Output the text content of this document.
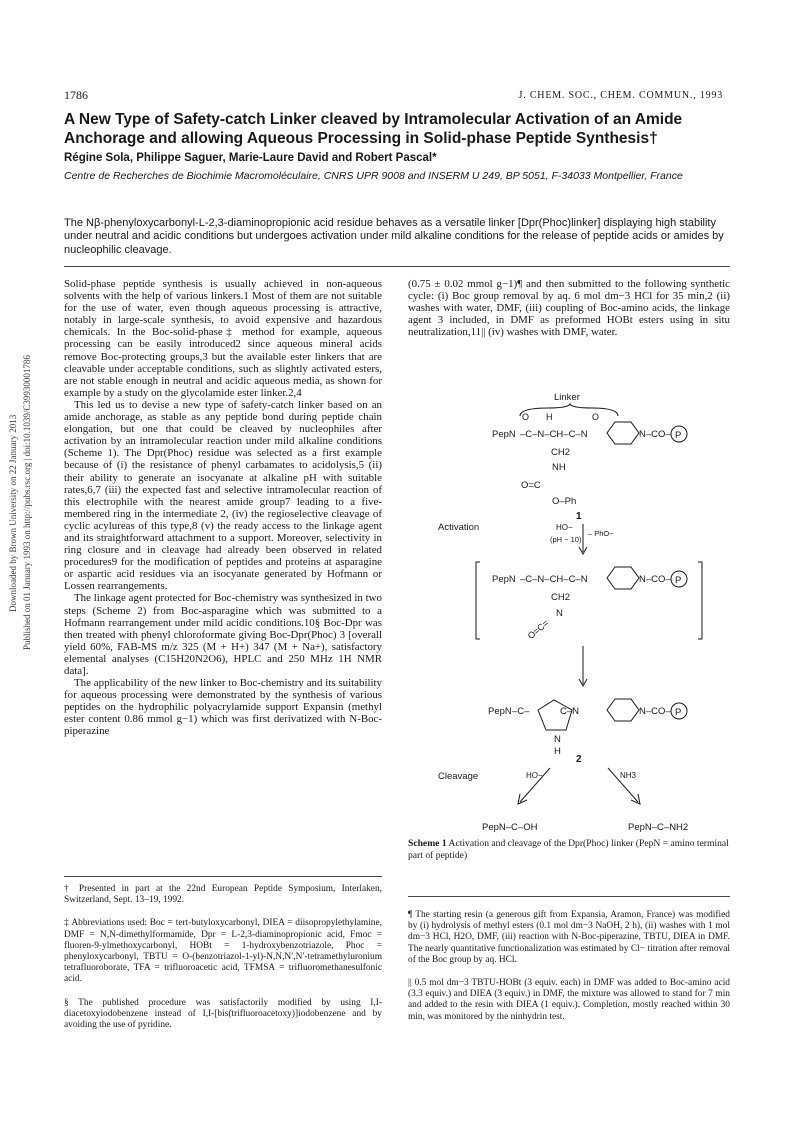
1786	J. CHEM. SOC., CHEM. COMMUN., 1993
A New Type of Safety-catch Linker cleaved by Intramolecular Activation of an Amide Anchorage and allowing Aqueous Processing in Solid-phase Peptide Synthesis†
Régine Sola, Philippe Saguer, Marie-Laure David and Robert Pascal*
Centre de Recherches de Biochimie Macromoléculaire, CNRS UPR 9008 and INSERM U 249, BP 5051, F-34033 Montpellier, France
The Nβ-phenyloxycarbonyl-L-2,3-diaminopropionic acid residue behaves as a versatile linker [Dpr(Phoc)linker] displaying high stability under neutral and acidic conditions but undergoes activation under mild alkaline conditions for the release of peptide acids or amides by nucleophilic cleavage.
Downloaded by Brown University on 22 January 2013 Published on 01 January 1993 on http://pubs.rsc.org | doi:10.1039/C39930001786

Solid-phase peptide synthesis is usually achieved in non-aqueous solvents with the help of various linkers.1 Most of them are not suitable for the use of water, even though aqueous processing is attractive, notably in large-scale synthesis, to avoid expensive and hazardous chemicals. In the Boc-solid-phase‡ method for example, aqueous processing can be easily introduced2 since aqueous mineral acids remove Boc-protecting groups,3 but the available ester linkers that are cleavable under acceptable conditions, such as slightly activated esters, are not stable enough in neutral and acidic aqueous media, as shown for example by a study on the glycolamide ester linker.2,4

This led us to devise a new type of safety-catch linker based on an amide anchorage, as stable as any peptide bond during peptide chain elongation, but one that could be cleaved by nucleophiles after activation by an intramolecular reaction under mild alkaline conditions (Scheme 1). The Dpr(Phoc) residue was selected as a first example because of (i) the resistance of phenyl carbamates to acidolysis,5 (ii) their ability to generate an isocyanate at alkaline pH with suitable rates,6,7 (iii) the expected fast and selective intramolecular reaction of this electrophile with the nearest amide group7 leading to a five-membered ring in the intermediate 2, (iv) the regioselective cleavage of cyclic acylureas of this type,8 (v) the ready access to the linkage agent and its straightforward attachment to a support. Moreover, selectivity in ring closure and in cleavage had already been observed in related procedures9 for the modification of peptides and proteins at asparagine or aspartic acid residues via an isocyanate generated by Hofmann or Lossen rearrangements.

The linkage agent protected for Boc-chemistry was synthesized in two steps (Scheme 2) from Boc-asparagine which was submitted to a Hofmann rearrangement under mild acidic conditions.10§ Boc-Dpr was then treated with phenyl chloroformate giving Boc-Dpr(Phoc) 3 [overall yield 60%, FAB-MS m/z 325 (M + H+) 347 (M + Na+), satisfactory elemental analyses (C15H20N2O6), HPLC and 250 MHz 1H NMR data].

The applicability of the new linker to Boc-chemistry and its suitability for aqueous processing were demonstrated by the synthesis of various peptides on the hydrophilic polyacrylamide support Expansin (methyl ester content 0.86 mmol g−1) which was first derivatized with N-Boc-piperazine

(0.75 ± 0.02 mmol g−1)¶ and then submitted to the following synthetic cycle: (i) Boc group removal by aq. 6 mol dm−3 HCl for 35 min,2 (ii) washes with water, DMF, (iii) coupling of Boc-amino acids, the linkage agent 3 included, in DMF as preformed HOBt esters using in situ neutralization,11|| (iv) washes with DMF, water.

Linker
PepN –C–N–CH–C–N
O H	O
N–CO– P
CH2
NH
O=C
O–Ph
1
Activation	HO−
(pH ~ 10)
– PhO−
PepN –C–N–CH–C–N	N–CO– P
CH2
N
O=C=
PepN –C–	C–N	N–CO– P
N
H
2
Cleavage	HO−	NH3
PepN–C–OH	PepN–C–NH2
Scheme 1 Activation and cleavage of the Dpr(Phoc) linker (PepN = amino terminal part of peptide)

† Presented in part at the 22nd European Peptide Symposium, Interlaken, Switzerland, Sept. 13–19, 1992.

‡ Abbreviations used: Boc = tert-butyloxycarbonyl, DIEA = diisopropylethylamine, DMF = N,N-dimethylformamide, Dpr = L-2,3-diaminopropionic acid, Fmoc = fluoren-9-ylmethoxycarbonyl, HOBt = 1-hydroxybenzotriazole, Phoc = phenyloxycarbonyl, TBTU = O-(benzotriazol-1-yl)-N,N,N′,N′-tetramethyluronium tetrafluoroborate, TFA = trifluoroacetic acid, TFMSA = trifluoromethanesulfonic acid.

§ The published procedure was satisfactorily modified by using I,I-diacetoxyiodobenzene instead of I,I-[bis(trifluoroacetoxy)]iodobenzene and by avoiding the use of pyridine.

¶ The starting resin (a generous gift from Expansia, Aramon, France) was modified by (i) hydrolysis of methyl esters (0.1 mol dm−3 NaOH, 2 h), (ii) washes with 1 mol dm−3 HCl, H2O, DMF, (iii) reaction with N-Boc-piperazine, TBTU, DIEA in DMF. The nearly quantitative functionalization was estimated by Cl− titration after removal of the Boc group by aq. HCl.

|| 0.5 mol dm−3 TBTU-HOBt (3 equiv. each) in DMF was added to Boc-amino acid (3.3 equiv.) and DIEA (3 equiv.) in DMF, the mixture was allowed to stand for 7 min and added to the resin with DIEA (1 equiv.). Completion, mostly reached within 30 min, was monitored by the ninhydrin test.
